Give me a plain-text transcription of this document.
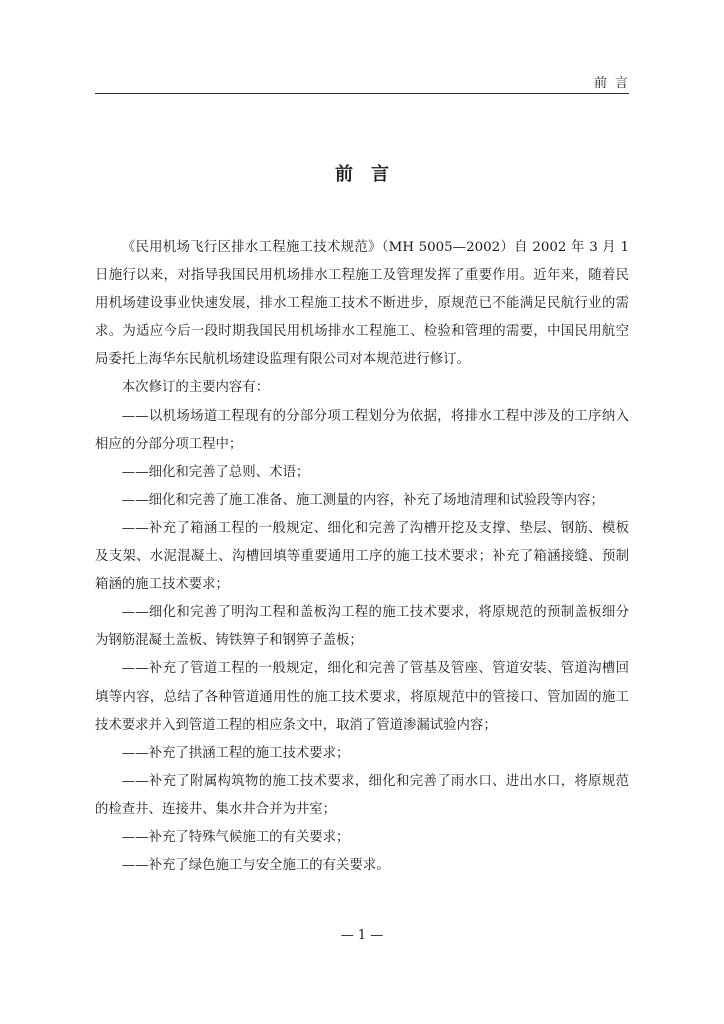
前言
前言

《民用机场飞行区排水工程施工技术规范》（MH 5005—2002）自 2002 年 3 月 1 日施行以来，对指导我国民用机场排水工程施工及管理发挥了重要作用。近年来，随着民用机场建设事业快速发展，排水工程施工技术不断进步，原规范已不能满足民航行业的需求。为适应今后一段时期我国民用机场排水工程施工、检验和管理的需要，中国民用航空局委托上海华东民航机场建设监理有限公司对本规范进行修订。

本次修订的主要内容有：

——以机场场道工程现有的分部分项工程划分为依据，将排水工程中涉及的工序纳入相应的分部分项工程中；

——细化和完善了总则、术语；

——细化和完善了施工准备、施工测量的内容，补充了场地清理和试验段等内容；

——补充了箱涵工程的一般规定、细化和完善了沟槽开挖及支撑、垫层、钢筋、模板及支架、水泥混凝土、沟槽回填等重要通用工序的施工技术要求；补充了箱涵接缝、预制箱涵的施工技术要求；

——细化和完善了明沟工程和盖板沟工程的施工技术要求，将原规范的预制盖板细分为钢筋混凝土盖板、铸铁箅子和钢箅子盖板；

——补充了管道工程的一般规定，细化和完善了管基及管座、管道安装、管道沟槽回填等内容，总结了各种管道通用性的施工技术要求，将原规范中的管接口、管加固的施工技术要求并入到管道工程的相应条文中，取消了管道渗漏试验内容；

——补充了拱涵工程的施工技术要求；

——补充了附属构筑物的施工技术要求，细化和完善了雨水口、进出水口，将原规范的检查井、连接井、集水井合并为井室；

——补充了特殊气候施工的有关要求；

——补充了绿色施工与安全施工的有关要求。

— 1 —
